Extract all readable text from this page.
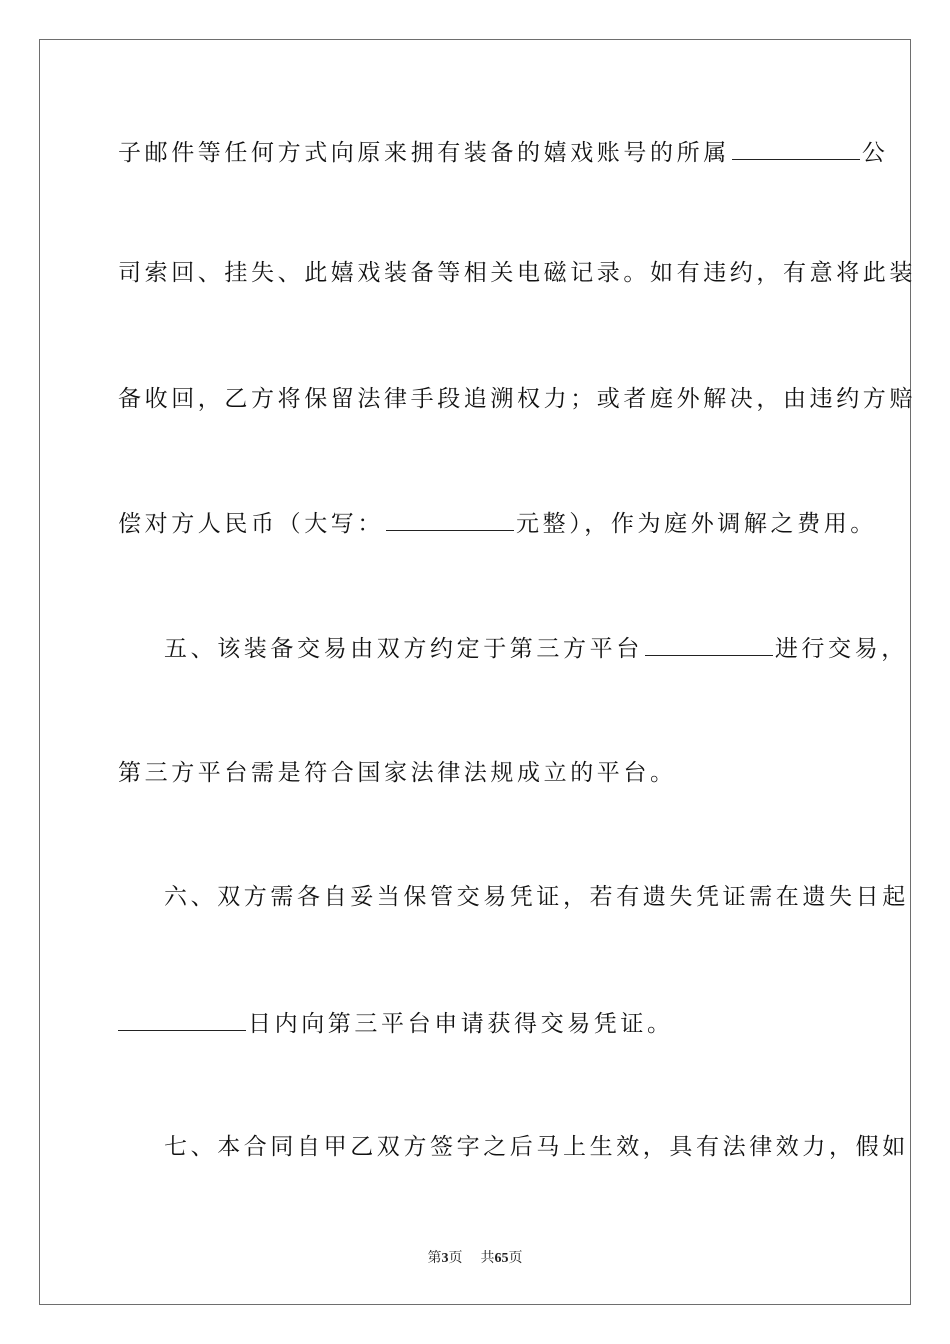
子邮件等任何方式向原来拥有装备的嬉戏账号的所属	公
司索回、挂失、此嬉戏装备等相关电磁记录。如有违约，有意将此装
备收回，乙方将保留法律手段追溯权力；或者庭外解决，由违约方赔
偿对方人民币（大写：	元整），作为庭外调解之费用。
五、该装备交易由双方约定于第三方平台	进行交易，
第三方平台需是符合国家法律法规成立的平台。
六、双方需各自妥当保管交易凭证，若有遗失凭证需在遗失日起
日内向第三平台申请获得交易凭证。
七、本合同自甲乙双方签字之后马上生效，具有法律效力，假如
第3页 共65页
